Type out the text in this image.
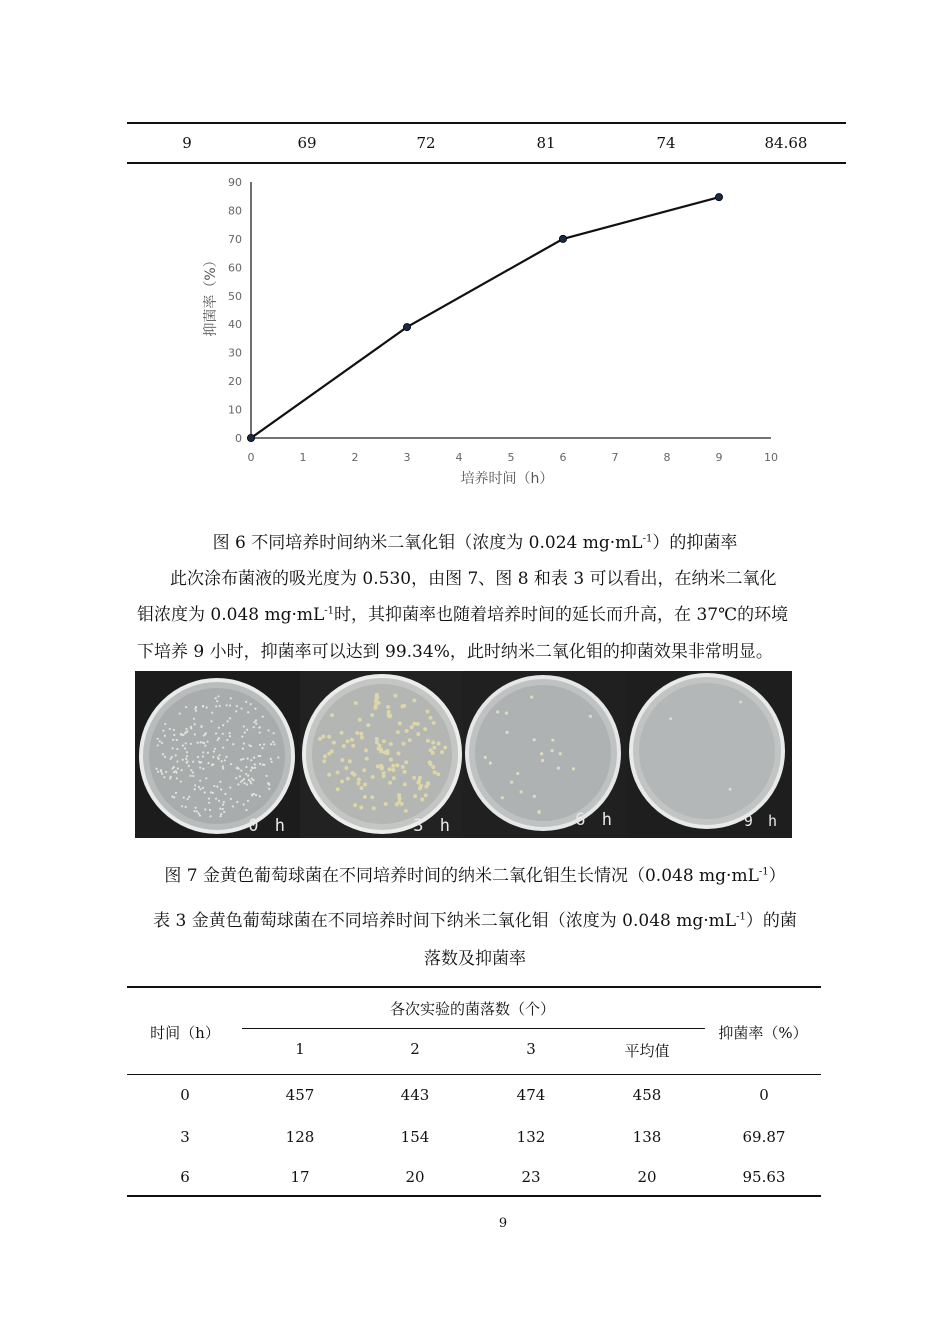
9	69	72	81	74	84.68
0
10
20
30
40
50
60
70
80
90
0	1	2	3	4	5	6	7	8	9	10
培养时间（h）
抑菌率（%）
图 6 不同培养时间纳米二氧化钼（浓度为 0.024 $mg\cdot mL^{-1}$）的抑菌率
此次涂布菌液的吸光度为 0.530，由图 7、图 8 和表 3 可以看出，在纳米二氧化
钼浓度为 0.048 $mg\cdot mL^{-1}$时，其抑菌率也随着培养时间的延长而升高，在 37℃的环境
下培养 9 小时，抑菌率可以达到 99.34%，此时纳米二氧化钼的抑菌效果非常明显。
0 h	3 h	6 h	9 h
图 7 金黄色葡萄球菌在不同培养时间的纳米二氧化钼生长情况（0.048 $mg\cdot mL^{-1}$）
表 3 金黄色葡萄球菌在不同培养时间下纳米二氧化钼（浓度为 0.048 $mg\cdot mL^{-1}$）的菌
落数及抑菌率
时间（h）
各次实验的菌落数（个）
1	2	3	平均值
抑菌率（%）
0	457	443	474	458	0
3	128	154	132	138	69.87
6	17	20	23	20	95.63
9
